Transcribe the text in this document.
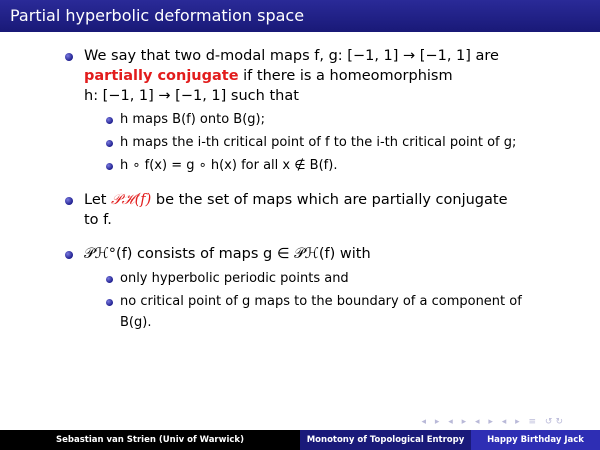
Partial hyperbolic deformation space
We say that two d-modal maps f, g: [−1, 1] → [−1, 1] are
partially conjugate if there is a homeomorphism
h: [−1, 1] → [−1, 1] such that
h maps B(f) onto B(g);
h maps the i-th critical point of f to the i-th critical point of g;
h ∘ f(x) = g ∘ h(x) for all x ∉ B(f).
Let 𝒫ℋ(f) be the set of maps which are partially conjugate
to f.
𝒫ℋ°(f) consists of maps g ∈ 𝒫ℋ(f) with
only hyperbolic periodic points and
no critical point of g maps to the boundary of a component of
B(g).
◂ ▸ ◂ ▸ ◂ ▸ ◂ ▸ ≡ ↺↻
Sebastian van Strien (Univ of Warwick)	Monotony of Topological Entropy	Happy Birthday Jack
